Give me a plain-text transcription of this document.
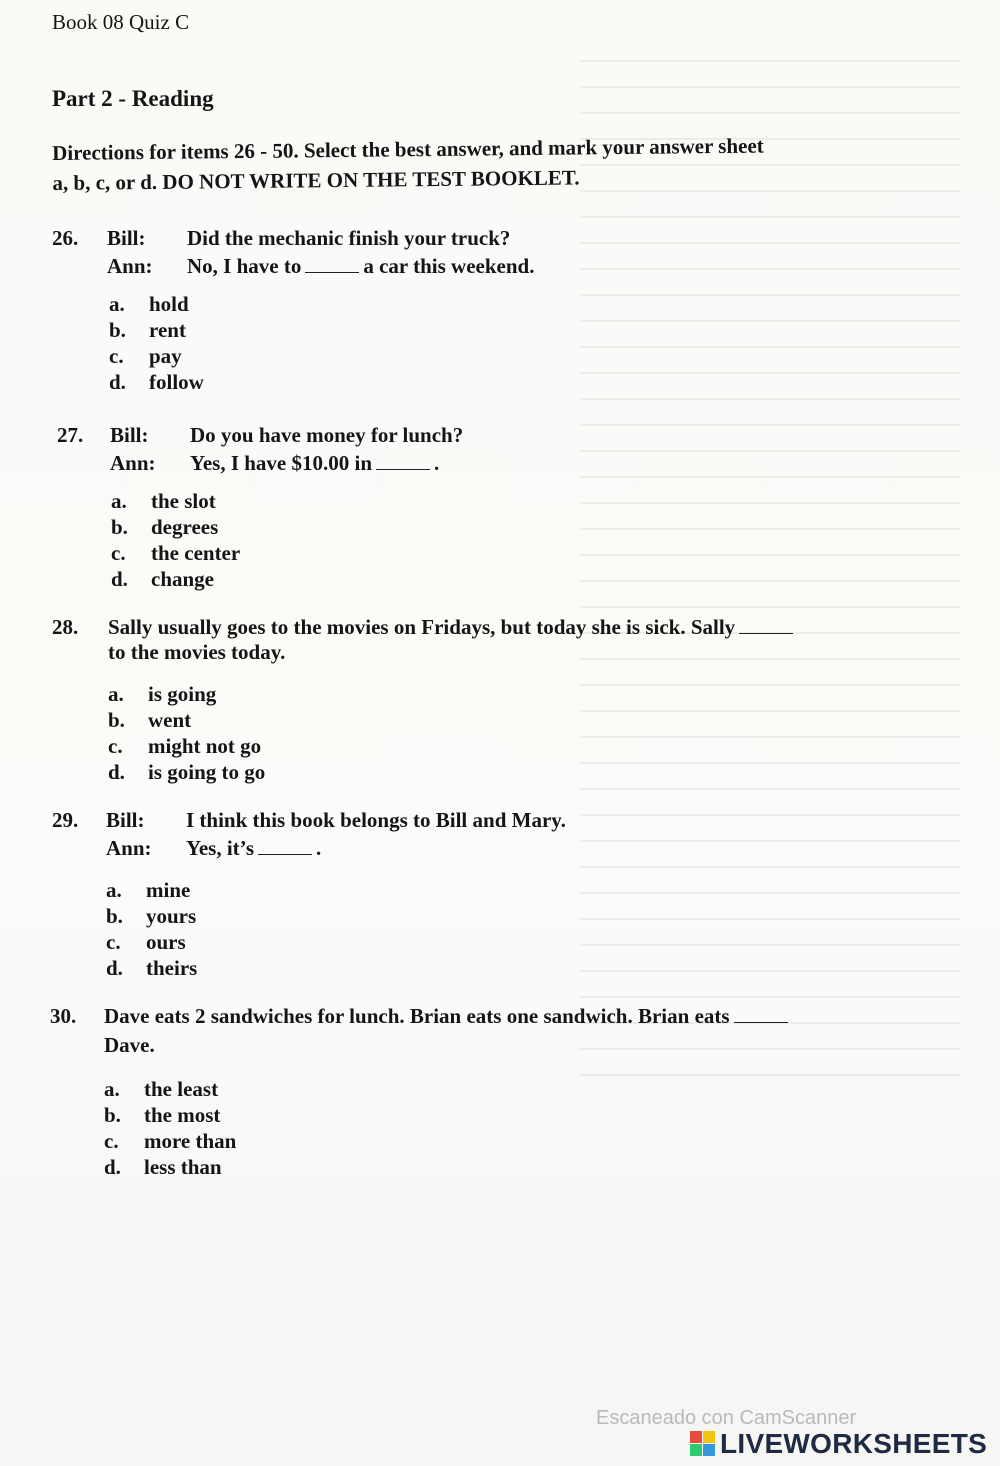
Book 08 Quiz C
Part 2 - Reading
Directions for items 26 - 50. Select the best answer, and mark your answer sheet
a, b, c, or d. DO NOT WRITE ON THE TEST BOOKLET.
26. Bill: Did the mechanic finish your truck?
Ann: No, I have to	a car this weekend.
a. hold
b. rent
c. pay
d. follow
27. Bill: Do you have money for lunch?
Ann: Yes, I have $10.00 in	.
a. the slot
b. degrees
c. the center
d. change
28. Sally usually goes to the movies on Fridays, but today she is sick. Sally
to the movies today.
a. is going
b. went
c. might not go
d. is going to go
29. Bill: I think this book belongs to Bill and Mary.
Ann: Yes, it’s	.
a. mine
b. yours
c. ours
d. theirs
30. Dave eats 2 sandwiches for lunch. Brian eats one sandwich. Brian eats
Dave.
a. the least
b. the most
c. more than
d. less than
Escaneado con CamScanner
LIVEWORKSHEETS
